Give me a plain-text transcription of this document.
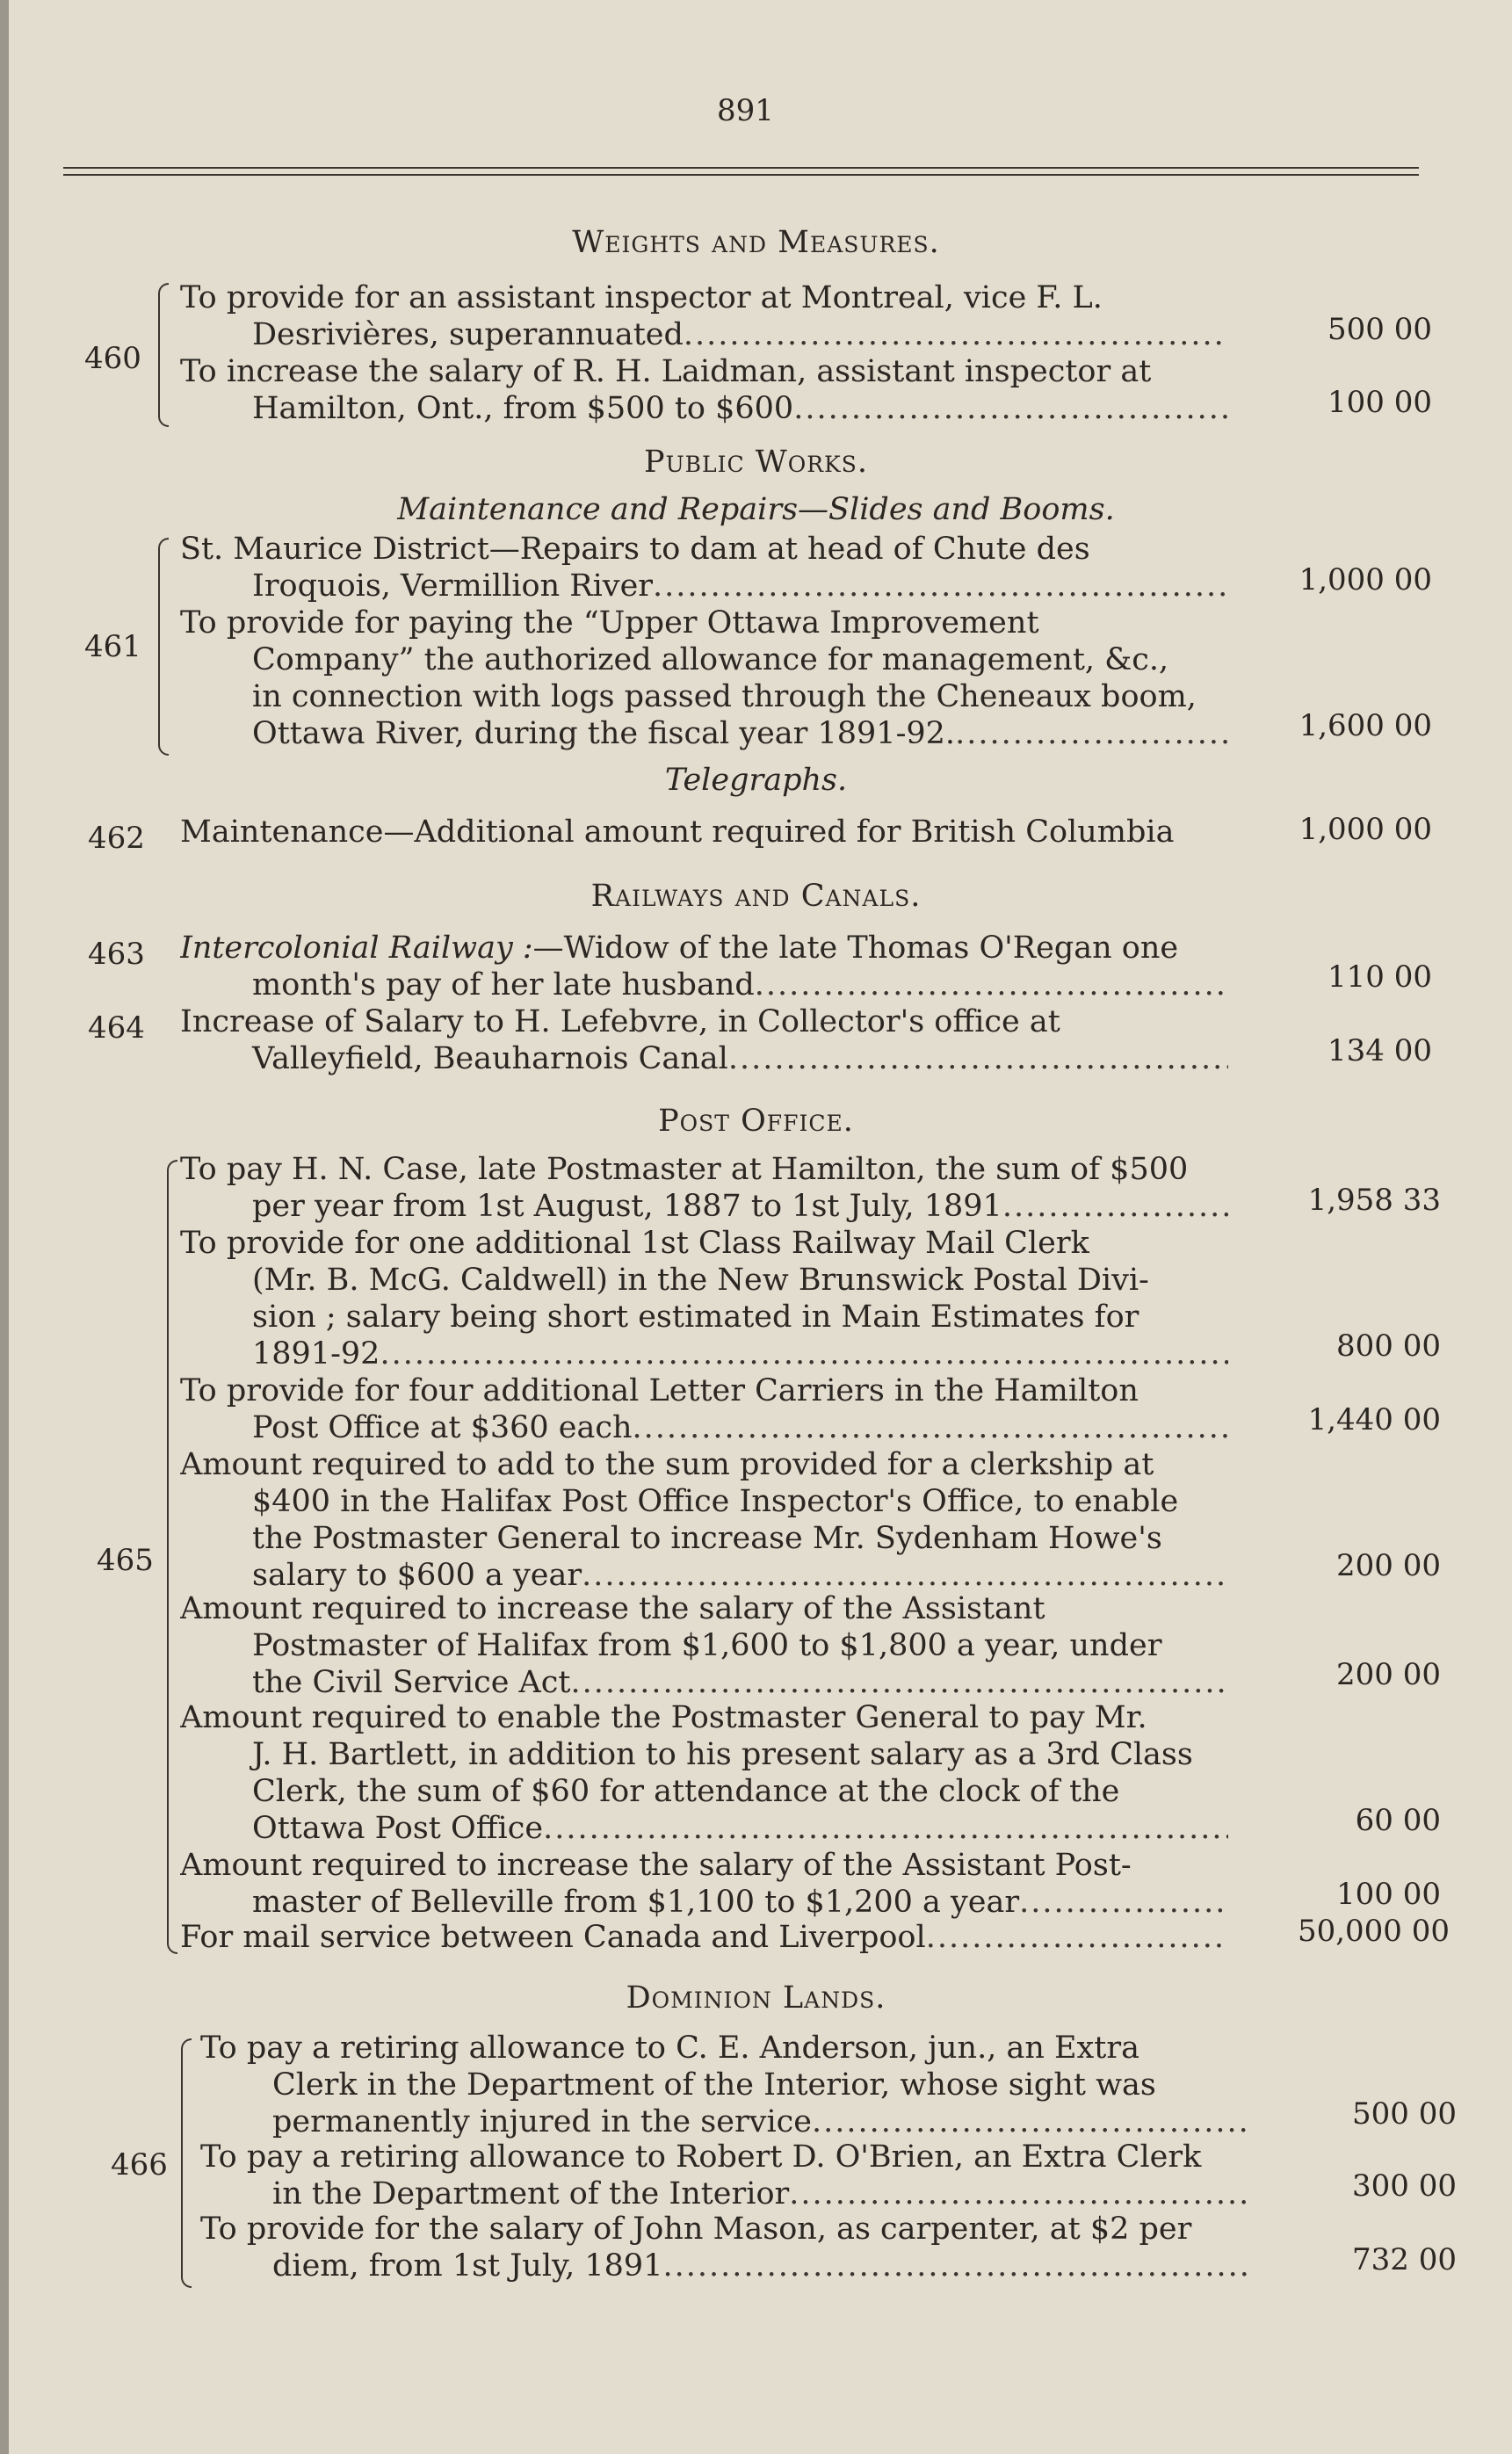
891
Weights and Measures.
460
To provide for an assistant inspector at Montreal, vice F. L.
Desrivières, superannuated .....	500 00
To increase the salary of R. H. Laidman, assistant inspector at
Hamilton, Ont., from $500 to $600 .....	100 00
Public Works.
Maintenance and Repairs—Slides and Booms.
461
St. Maurice District—Repairs to dam at head of Chute des
Iroquois, Vermillion River .....	1,000 00
To provide for paying the “Upper Ottawa Improvement
Company” the authorized allowance for management, &c.,
in connection with logs passed through the Cheneaux boom,
Ottawa River, during the fiscal year 1891-92. .....	1,600 00
Telegraphs.
462 Maintenance—Additional amount required for British Columbia	1,000 00
Railways and Canals.
463 Intercolonial Railway :—Widow of the late Thomas O'Regan one
month's pay of her late husband .....	110 00
464 Increase of Salary to H. Lefebvre, in Collector's office at
Valleyfield, Beauharnois Canal .....	134 00
Post Office.
465
To pay H. N. Case, late Postmaster at Hamilton, the sum of $500
per year from 1st August, 1887 to 1st July, 1891 .....	1,958 33
To provide for one additional 1st Class Railway Mail Clerk
(Mr. B. McG. Caldwell) in the New Brunswick Postal Divi-
sion ; salary being short estimated in Main Estimates for
1891-92 .....	800 00
To provide for four additional Letter Carriers in the Hamilton
Post Office at $360 each .....	1,440 00
Amount required to add to the sum provided for a clerkship at
$400 in the Halifax Post Office Inspector's Office, to enable
the Postmaster General to increase Mr. Sydenham Howe's
salary to $600 a year .....	200 00
Amount required to increase the salary of the Assistant
Postmaster of Halifax from $1,600 to $1,800 a year, under
the Civil Service Act .....	200 00
Amount required to enable the Postmaster General to pay Mr.
J. H. Bartlett, in addition to his present salary as a 3rd Class
Clerk, the sum of $60 for attendance at the clock of the
Ottawa Post Office .....	60 00
Amount required to increase the salary of the Assistant Post-
master of Belleville from $1,100 to $1,200 a year .....	100 00
For mail service between Canada and Liverpool .....	50,000 00
Dominion Lands.
466
To pay a retiring allowance to C. E. Anderson, jun., an Extra
Clerk in the Department of the Interior, whose sight was
permanently injured in the service .....	500 00
To pay a retiring allowance to Robert D. O'Brien, an Extra Clerk
in the Department of the Interior .....	300 00
To provide for the salary of John Mason, as carpenter, at $2 per
diem, from 1st July, 1891 .....	732 00
